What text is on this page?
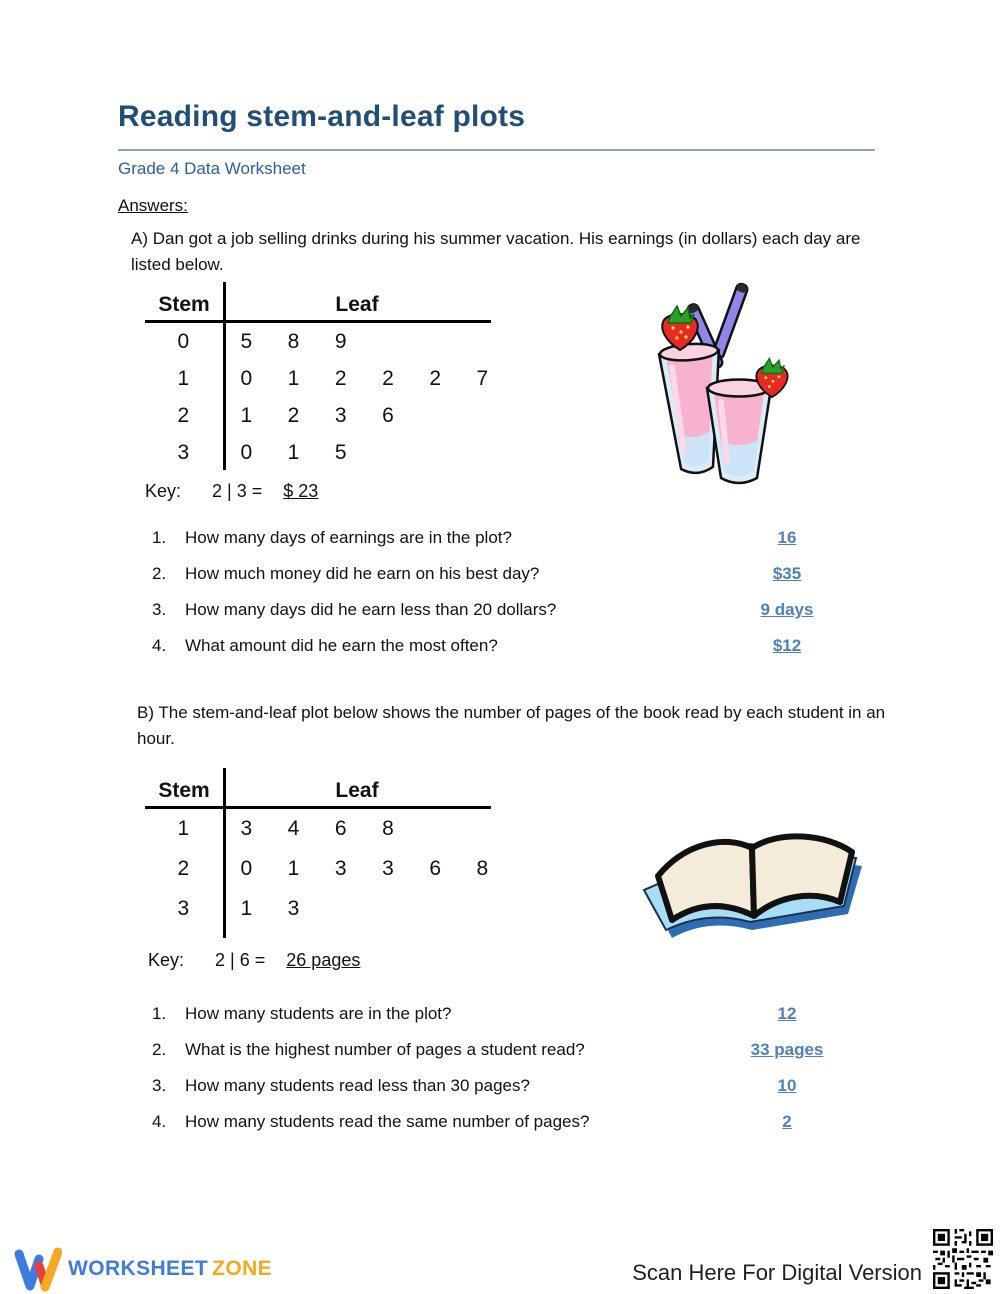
Reading stem-and-leaf plots
Grade 4 Data Worksheet
Answers:
A) Dan got a job selling drinks during his summer vacation. His earnings (in dollars) each day are listed below.
Stem	Leaf
0	5	8	9
1	0	1	2	2	2	7
2	1	2	3	6
3	0	1	5
Key: 2 | 3 = $ 23
1.	How many days of earnings are in the plot?	16
2.	How much money did he earn on his best day?	$35
3.	How many days did he earn less than 20 dollars?	9 days
4.	What amount did he earn the most often?	$12
B) The stem-and-leaf plot below shows the number of pages of the book read by each student in an hour.
Stem	Leaf
1	3	4	6	8
2	0	1	3	3	6	8
3	1	3
Key: 2 | 6 = 26 pages
1.	How many students are in the plot?	12
2.	What is the highest number of pages a student read?	33 pages
3.	How many students read less than 30 pages?	10
4.	How many students read the same number of pages?	2
WORKSHEET ZONE	Scan Here For Digital Version
